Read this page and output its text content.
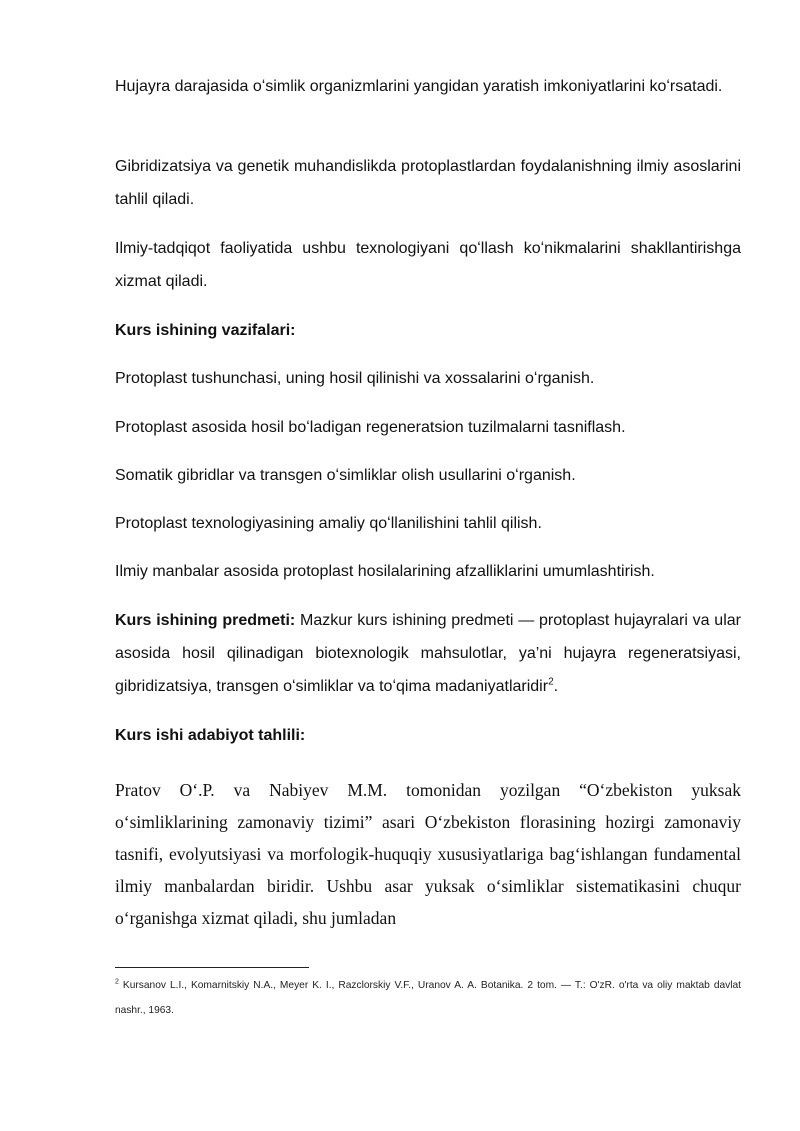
Hujayra darajasida oʻsimlik organizmlarini yangidan yaratish imkoniyatlarini koʻrsatadi.

Gibridizatsiya va genetik muhandislikda protoplastlardan foydalanishning ilmiy asoslarini tahlil qiladi.

Ilmiy-tadqiqot faoliyatida ushbu texnologiyani qoʻllash koʻnikmalarini shakllantirishga xizmat qiladi.

Kurs ishining vazifalari:

Protoplast tushunchasi, uning hosil qilinishi va xossalarini oʻrganish.

Protoplast asosida hosil boʻladigan regeneratsion tuzilmalarni tasniflash.

Somatik gibridlar va transgen oʻsimliklar olish usullarini oʻrganish.

Protoplast texnologiyasining amaliy qoʻllanilishini tahlil qilish.

Ilmiy manbalar asosida protoplast hosilalarining afzalliklarini umumlashtirish.

Kurs ishining predmeti: Mazkur kurs ishining predmeti — protoplast hujayralari va ular asosida hosil qilinadigan biotexnologik mahsulotlar, ya’ni hujayra regeneratsiyasi, gibridizatsiya, transgen oʻsimliklar va toʻqima madaniyatlaridir$^2$.

Kurs ishi adabiyot tahlili:

Pratov O‘.P. va Nabiyev M.M. tomonidan yozilgan “O‘zbekiston yuksak o‘simliklarining zamonaviy tizimi” asari O‘zbekiston florasining hozirgi zamonaviy tasnifi, evolyutsiyasi va morfologik-huquqiy xususiyatlariga bag‘ishlangan fundamental ilmiy manbalardan biridir. Ushbu asar yuksak o‘simliklar sistematikasini chuqur o‘rganishga xizmat qiladi, shu jumladan

$^2$ Kursanov L.I., Komarnitskiy N.A., Meyer K. I., Razclorskiy V.F., Uranov A. A. Botanika. 2 tom. — T.: O'zR. o'rta va oliy maktab davlat nashr., 1963.
